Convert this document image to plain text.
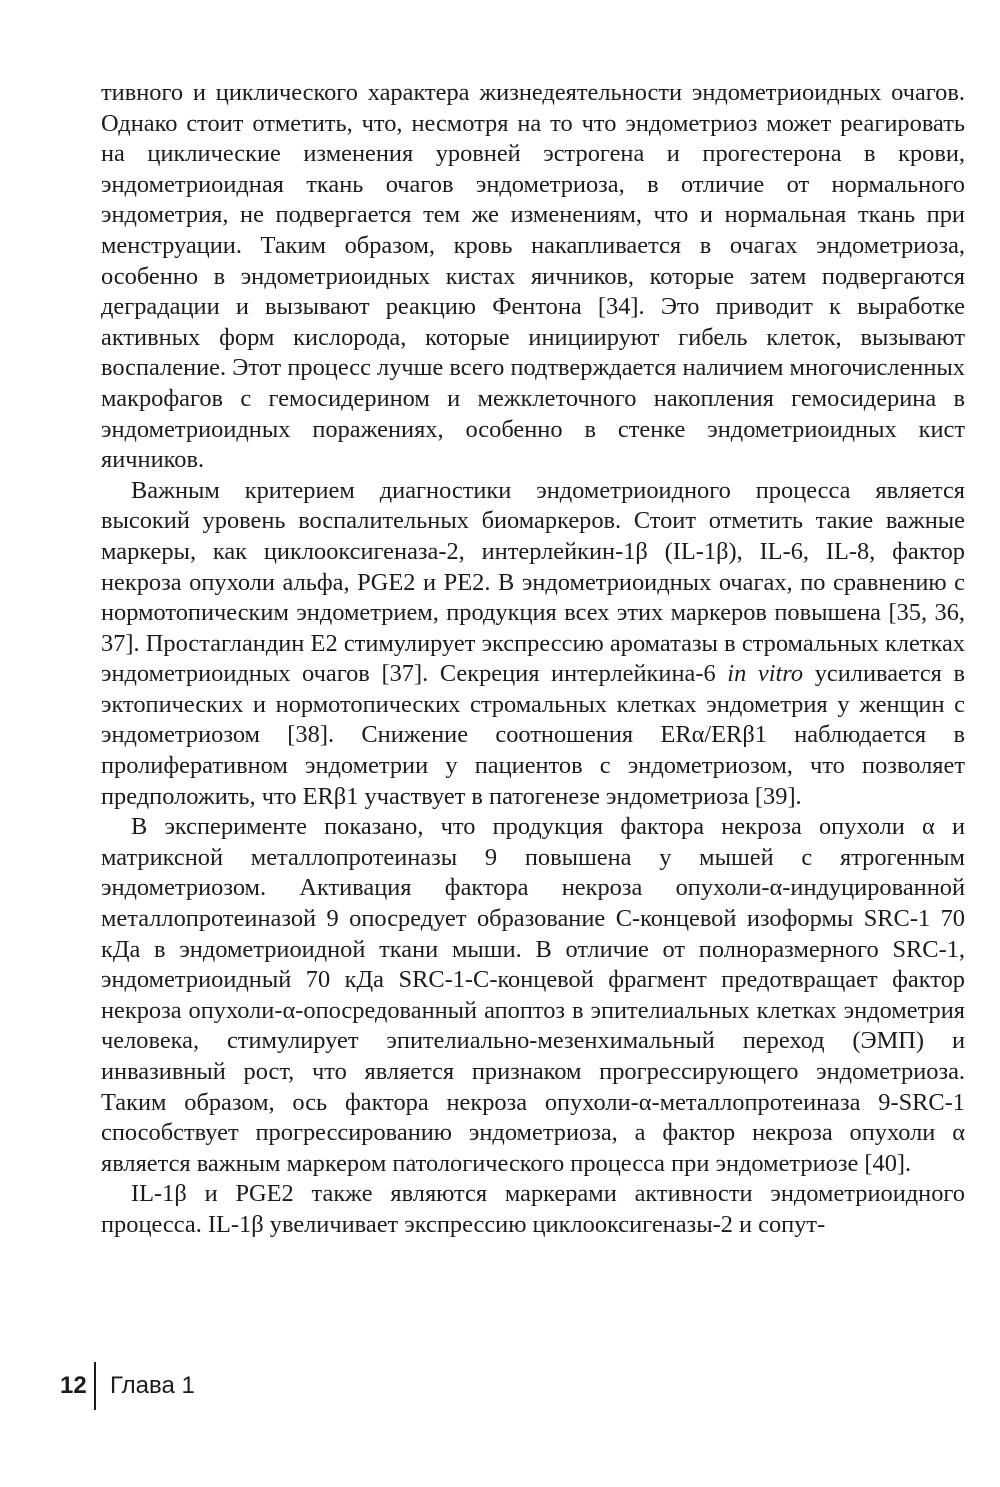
тивного и циклического характера жизнедеятельности эндометриоидных очагов. Однако стоит отметить, что, несмотря на то что эндометриоз может реагировать на циклические изменения уровней эстрогена и прогестерона в крови, эндометриоидная ткань очагов эндометриоза, в отличие от нормального эндометрия, не подвергается тем же изменениям, что и нормальная ткань при менструации. Таким образом, кровь накапливается в очагах эндометриоза, особенно в эндометриоидных кистах яичников, которые затем подвергаются деградации и вызывают реакцию Фентона [34]. Это приводит к выработке активных форм кислорода, которые инициируют гибель клеток, вызывают воспаление. Этот процесс лучше всего подтверждается наличием многочисленных макрофагов с гемосидерином и межклеточного накопления гемосидерина в эндометриоидных поражениях, особенно в стенке эндометриоидных кист яичников.

Важным критерием диагностики эндометриоидного процесса является высокий уровень воспалительных биомаркеров. Стоит отметить такие важные маркеры, как циклооксигеназа-2, интерлейкин-1β (IL-1β), IL-6, IL-8, фактор некроза опухоли альфа, PGE2 и PE2. В эндометриоидных очагах, по сравнению с нормотопическим эндометрием, продукция всех этих маркеров повышена [35, 36, 37]. Простагландин E2 стимулирует экспрессию ароматазы в стромальных клетках эндометриоидных очагов [37]. Секреция интерлейкина-6 in vitro усиливается в эктопических и нормотопических стромальных клетках эндометрия у женщин с эндометриозом [38]. Снижение соотношения ERα/ERβ1 наблюдается в пролиферативном эндометрии у пациентов с эндометриозом, что позволяет предположить, что ERβ1 участвует в патогенезе эндометриоза [39].

В эксперименте показано, что продукция фактора некроза опухоли α и матриксной металлопротеиназы 9 повышена у мышей с ятрогенным эндометриозом. Активация фактора некроза опухоли-α-индуцированной металлопротеиназой 9 опосредует образование C-концевой изоформы SRC-1 70 кДа в эндометриоидной ткани мыши. В отличие от полноразмерного SRC-1, эндометриоидный 70 кДа SRC-1-C-концевой фрагмент предотвращает фактор некроза опухоли-α-опосредованный апоптоз в эпителиальных клетках эндометрия человека, стимулирует эпителиально-мезенхимальный переход (ЭМП) и инвазивный рост, что является признаком прогрессирующего эндометриоза. Таким образом, ось фактора некроза опухоли-α-металлопротеиназа 9-SRC-1 способствует прогрессированию эндометриоза, а фактор некроза опухоли α является важным маркером патологического процесса при эндометриозе [40].

IL-1β и PGE2 также являются маркерами активности эндометриоидного процесса. IL-1β увеличивает экспрессию циклооксигеназы-2 и сопут-

12 Глава 1
